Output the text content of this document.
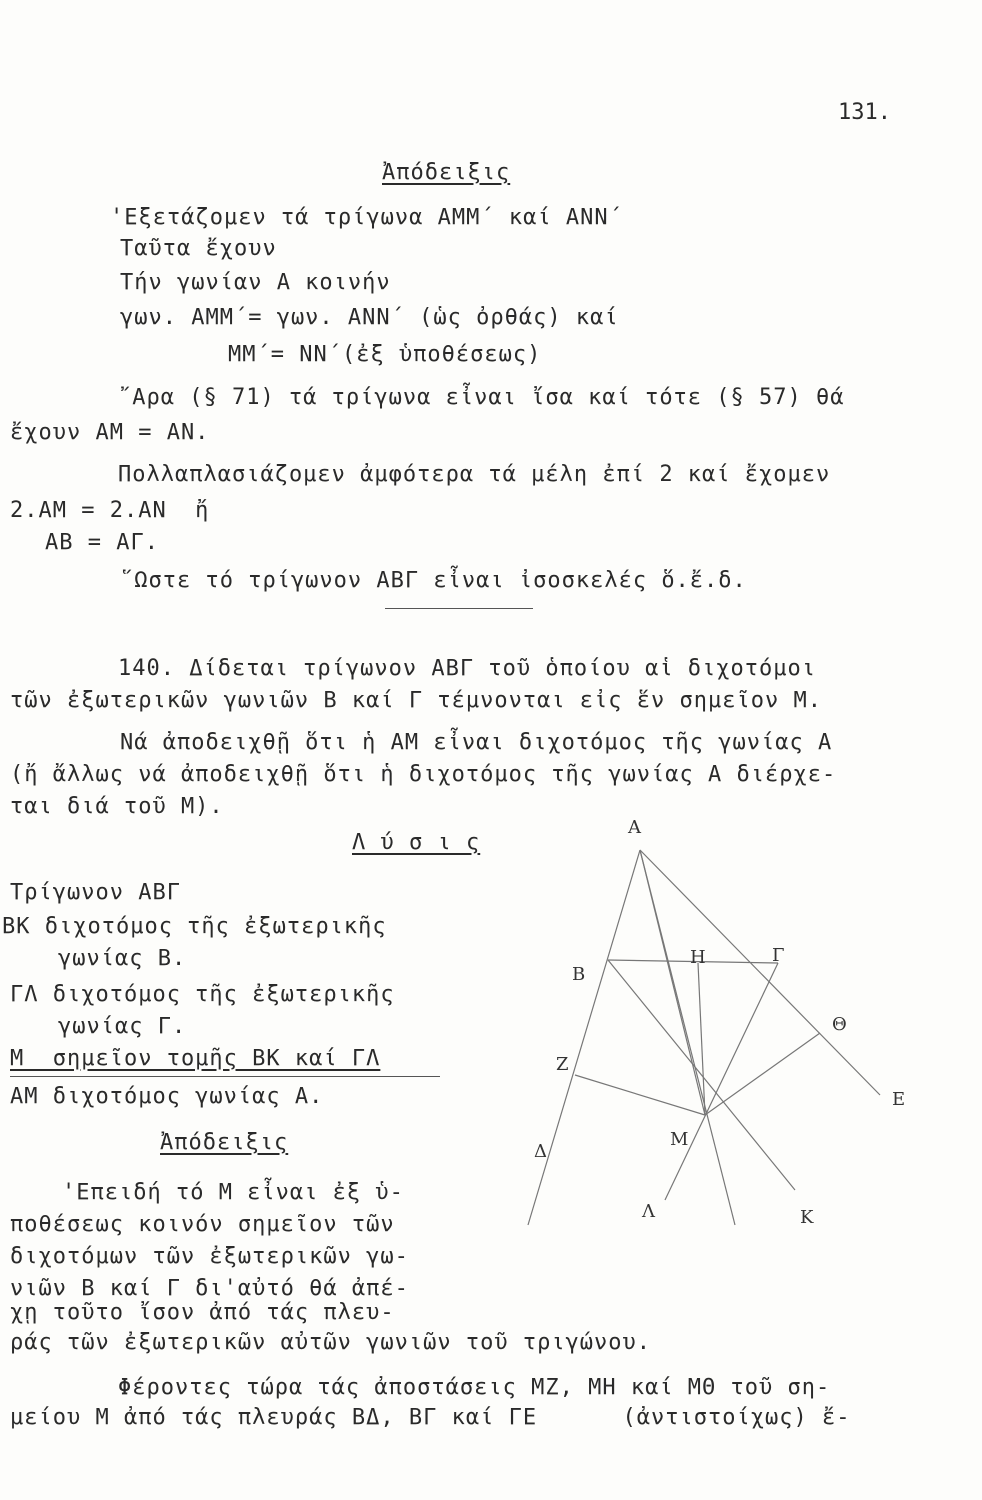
131.
Ἀπόδειξις
'Εξετάζομεν τά τρίγωνα ΑΜΜ΄ καί ΑΝΝ΄
Ταῦτα ἔχουν
Τήν γωνίαν Α κοινήν
γων. ΑΜΜ΄= γων. ΑΝΝ΄ (ὡς ὀρθάς) καί
ΜΜ΄= ΝΝ΄(ἐξ ὑποθέσεως)
῎Αρα (§ 71) τά τρίγωνα εἶναι ἴσα καί τότε (§ 57) θά
ἔχουν ΑΜ = ΑΝ.
Πολλαπλασιάζομεν ἀμφότερα τά μέλη ἐπί 2 καί ἔχομεν
2.ΑΜ = 2.ΑΝ  ἤ
ΑΒ = ΑΓ.
῞Ωστε τό τρίγωνον ΑΒΓ εἶναι ἰσοσκελές ὅ.ἔ.δ.
140. Δίδεται τρίγωνον ΑΒΓ τοῦ ὁποίου αἱ διχοτόμοι
τῶν ἐξωτερικῶν γωνιῶν Β καί Γ τέμνονται εἰς ἕν σημεῖον Μ.
Νά ἀποδειχθῇ ὅτι ἡ ΑΜ εἶναι διχοτόμος τῆς γωνίας Α
(ἤ ἄλλως νά ἀποδειχθῇ ὅτι ἡ διχοτόμος τῆς γωνίας Α διέρχε-
ται διά τοῦ Μ).
Λ ύ σ ι ς
Τρίγωνον ΑΒΓ
ΒΚ διχοτόμος τῆς ἐξωτερικῆς
γωνίας Β.
ΓΛ διχοτόμος τῆς ἐξωτερικῆς
γωνίας Γ.
Μ  σημεῖον τομῆς ΒΚ καί ΓΛ
ΑΜ διχοτόμος γωνίας Α.
Ἀπόδειξις
'Επειδή τό Μ εἶναι ἐξ ὑ-
ποθέσεως κοινόν σημεῖον τῶν
διχοτόμων τῶν ἐξωτερικῶν γω-
νιῶν Β καί Γ δι'αὐτό θά ἀπέ-
χῃ τοῦτο ἴσον ἀπό τάς πλευ-
ράς τῶν ἐξωτερικῶν αὐτῶν γωνιῶν τοῦ τριγώνου.
Φέροντες τώρα τάς ἀποστάσεις ΜΖ, ΜΗ καί ΜΘ τοῦ ση-
μείου Μ ἀπό τάς πλευράς ΒΔ, ΒΓ καί ΓΕ      (ἀντιστοίχως) ἔ-
Α
Β
Η	Γ
Θ
Ε
Ζ
Μ
Δ
Λ	Κ
